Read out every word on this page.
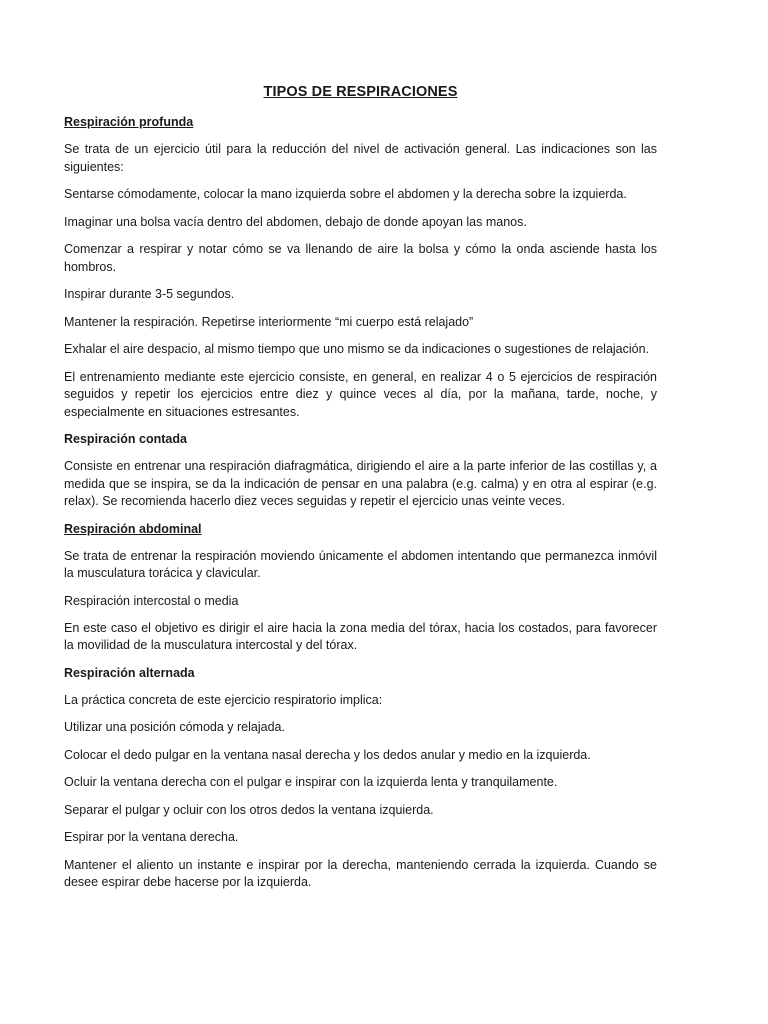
TIPOS DE RESPIRACIONES
Respiración profunda
Se trata de un ejercicio útil para la reducción del nivel de activación general. Las indicaciones son las siguientes:
Sentarse cómodamente, colocar la mano izquierda sobre el abdomen y la derecha sobre la izquierda.
Imaginar una bolsa vacía dentro del abdomen, debajo de donde apoyan las manos.
Comenzar a respirar y notar cómo se va llenando de aire la bolsa y cómo la onda asciende hasta los hombros.
Inspirar durante 3-5 segundos.
Mantener la respiración. Repetirse interiormente “mi cuerpo está relajado”
Exhalar el aire despacio, al mismo tiempo que uno mismo se da indicaciones o sugestiones de relajación.
El entrenamiento mediante este ejercicio consiste, en general, en realizar 4 o 5 ejercicios de respiración seguidos y repetir los ejercicios entre diez y quince veces al día, por la mañana, tarde, noche, y especialmente en situaciones estresantes.
Respiración contada
Consiste en entrenar una respiración diafragmática, dirigiendo el aire a la parte inferior de las costillas y, a medida que se inspira, se da la indicación de pensar en una palabra (e.g. calma) y en otra al espirar (e.g. relax). Se recomienda hacerlo diez veces seguidas y repetir el ejercicio unas veinte veces.
Respiración abdominal
Se trata de entrenar la respiración moviendo únicamente el abdomen intentando que permanezca inmóvil la musculatura torácica y clavicular.
Respiración intercostal o media
En este caso el objetivo es dirigir el aire hacia la zona media del tórax, hacia los costados, para favorecer la movilidad de la musculatura intercostal y del tórax.
Respiración alternada
La práctica concreta de este ejercicio respiratorio implica:
Utilizar una posición cómoda y relajada.
Colocar el dedo pulgar en la ventana nasal derecha y los dedos anular y medio en la izquierda.
Ocluir la ventana derecha con el pulgar e inspirar con la izquierda lenta y tranquilamente.
Separar el pulgar y ocluir con los otros dedos la ventana izquierda.
Espirar por la ventana derecha.
Mantener el aliento un instante e inspirar por la derecha, manteniendo cerrada la izquierda. Cuando se desee espirar debe hacerse por la izquierda.
